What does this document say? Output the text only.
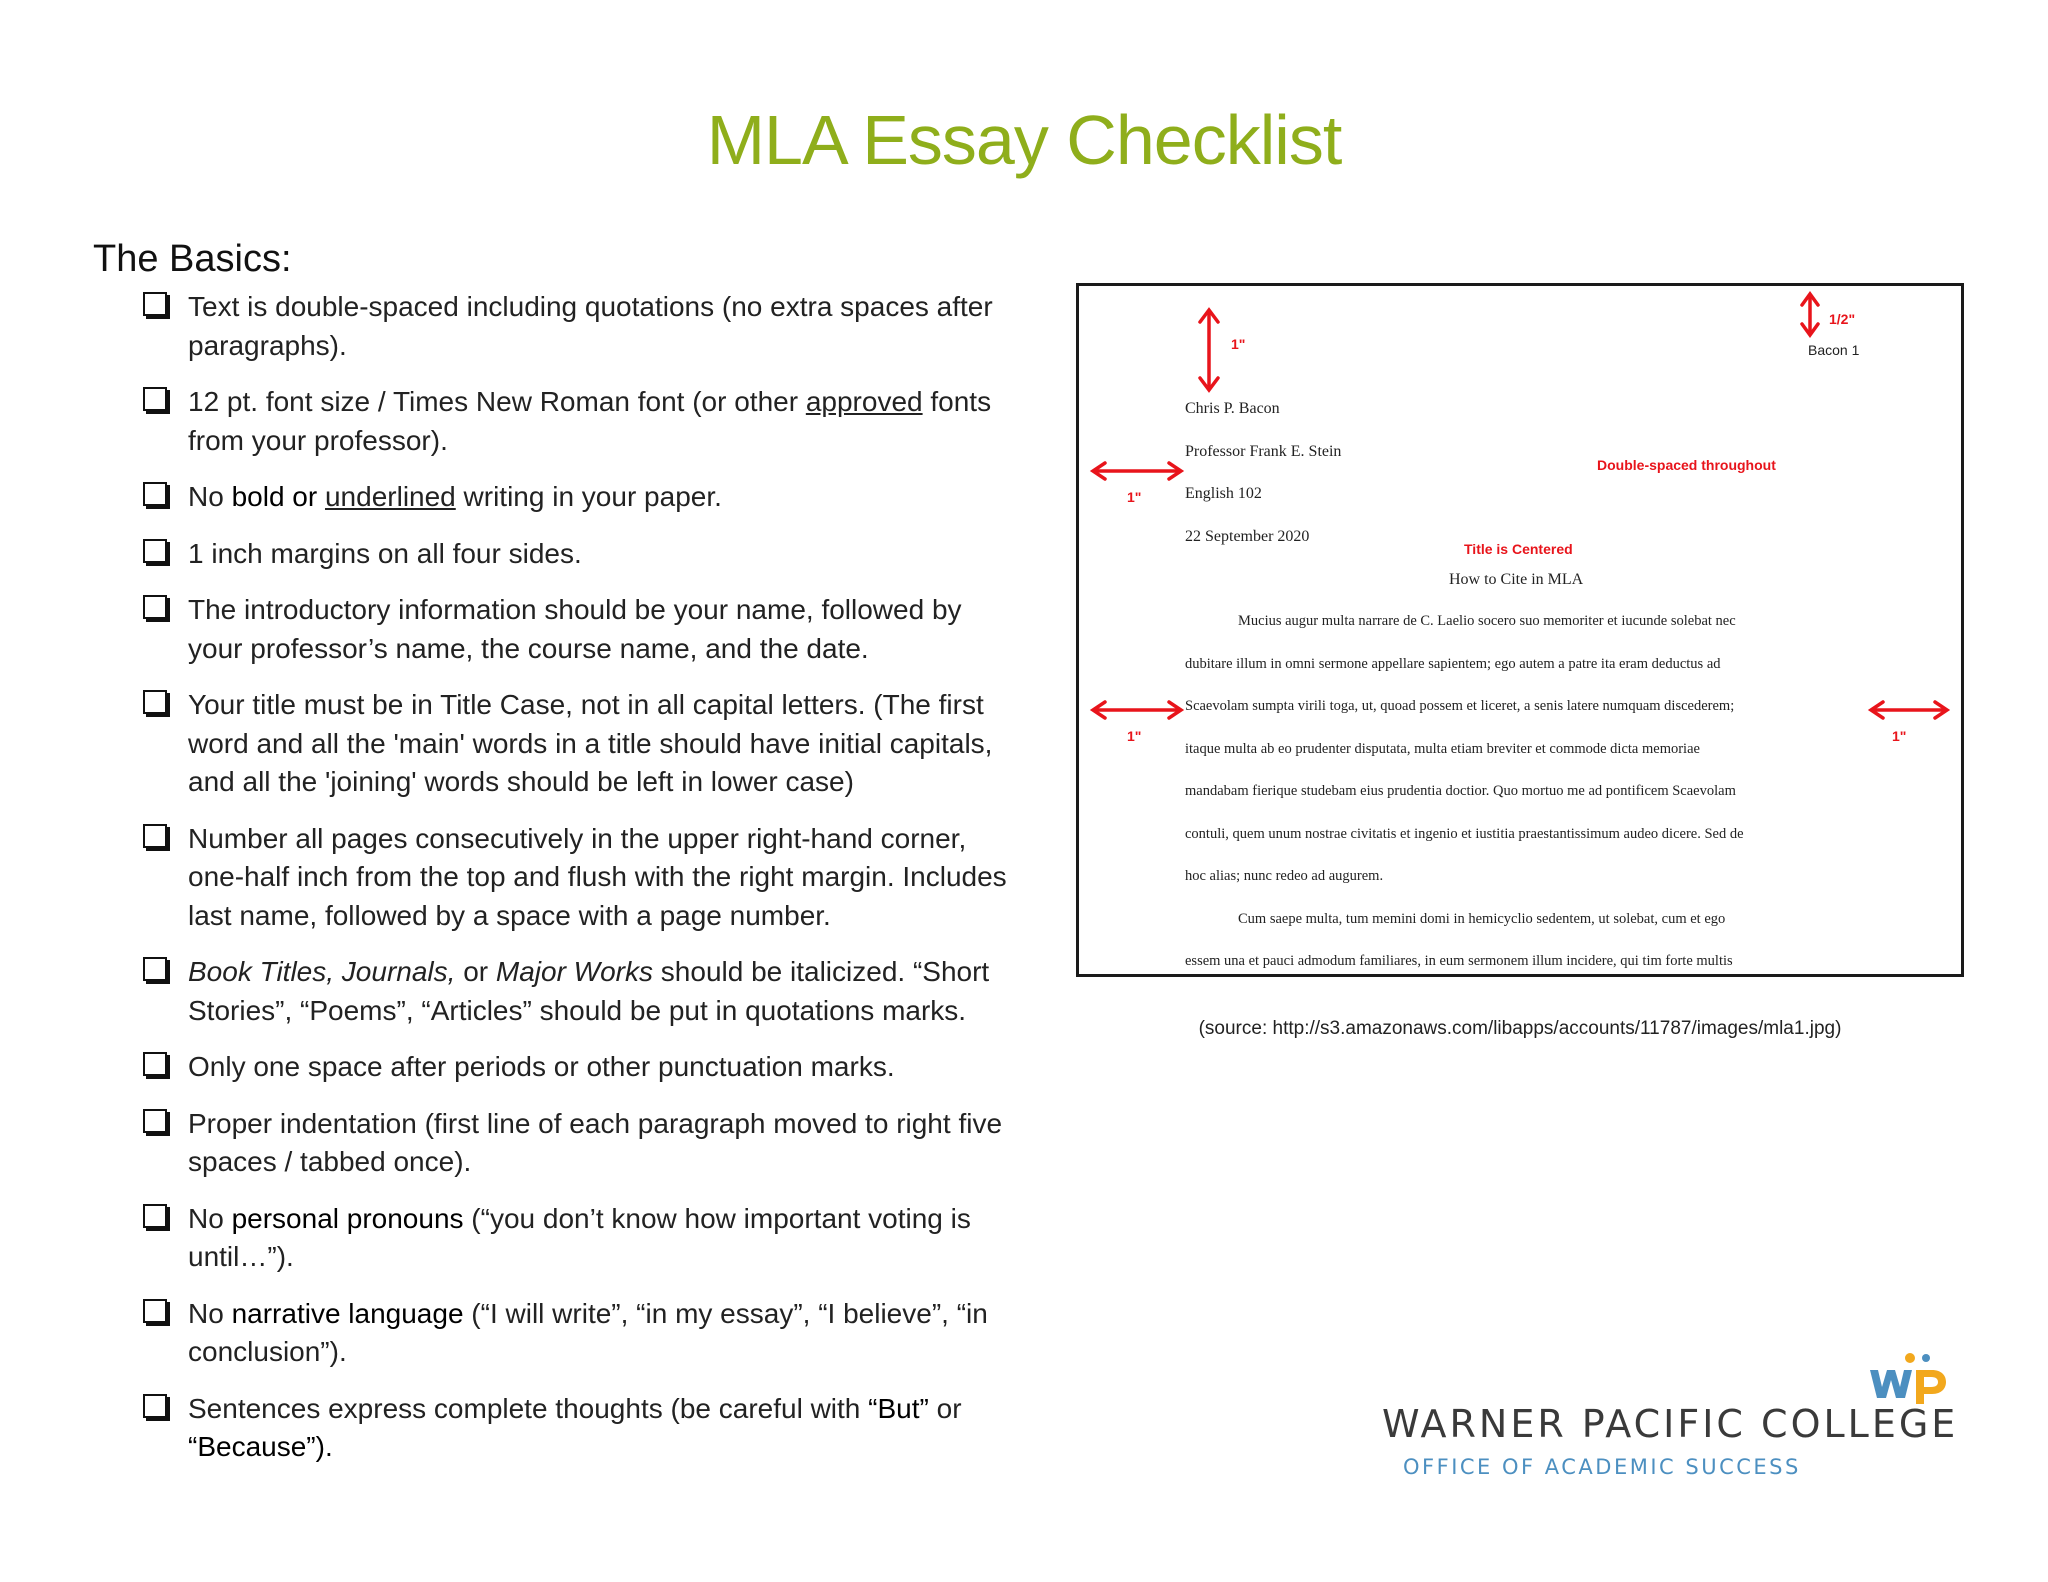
MLA Essay Checklist
The Basics:
Text is double-spaced including quotations (no extra spaces after paragraphs).
12 pt. font size / Times New Roman font (or other approved fonts from your professor).
No bold or underlined writing in your paper.
1 inch margins on all four sides.
The introductory information should be your name, followed by your professor’s name, the course name, and the date.
Your title must be in Title Case, not in all capital letters. (The first word and all the 'main' words in a title should have initial capitals, and all the 'joining' words should be left in lower case)
Number all pages consecutively in the upper right-hand corner, one-half inch from the top and flush with the right margin. Includes last name, followed by a space with a page number.
Book Titles, Journals, or Major Works should be italicized. “Short Stories”, “Poems”, “Articles” should be put in quotations marks.
Only one space after periods or other punctuation marks.
Proper indentation (first line of each paragraph moved to right five spaces / tabbed once).
No personal pronouns (“you don’t know how important voting is until…”).
No narrative language (“I will write”, “in my essay”, “I believe”, “in conclusion”).
Sentences express complete thoughts (be careful with “But” or “Because”).
1"
1/2"
1"
1"	1"
Double-spaced throughout
Title is Centered
Bacon 1
Chris P. Bacon
Professor Frank E. Stein
English 102
22 September 2020
How to Cite in MLA
Mucius augur multa narrare de C. Laelio socero suo memoriter et iucunde solebat nec
dubitare illum in omni sermone appellare sapientem; ego autem a patre ita eram deductus ad
Scaevolam sumpta virili toga, ut, quoad possem et liceret, a senis latere numquam discederem;
itaque multa ab eo prudenter disputata, multa etiam breviter et commode dicta memoriae
mandabam fierique studebam eius prudentia doctior. Quo mortuo me ad pontificem Scaevolam
contuli, quem unum nostrae civitatis et ingenio et iustitia praestantissimum audeo dicere. Sed de
hoc alias; nunc redeo ad augurem.
Cum saepe multa, tum memini domi in hemicyclio sedentem, ut solebat, cum et ego
essem una et pauci admodum familiares, in eum sermonem illum incidere, qui tim forte multis
(source: http://s3.amazonaws.com/libapps/accounts/11787/images/mla1.jpg)
WARNER PACIFIC COLLEGE
OFFICE OF ACADEMIC SUCCESS
